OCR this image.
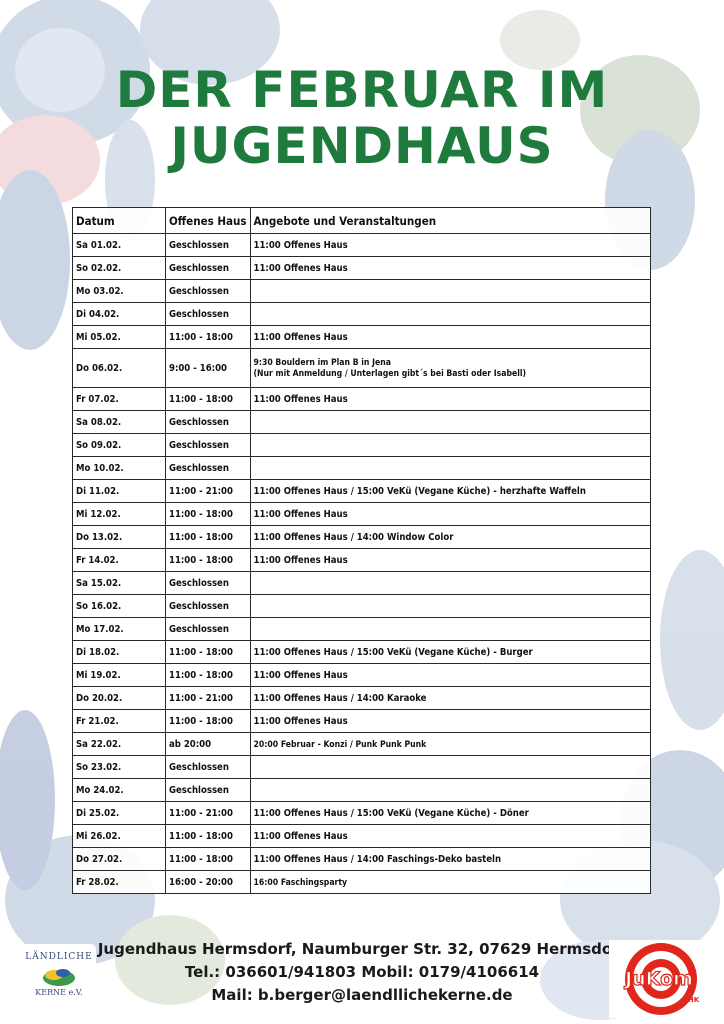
DER FEBRUAR IM
JUGENDHAUS
Datum	Offenes Haus	Angebote und Veranstaltungen
Sa 01.02.	Geschlossen	11:00 Offenes Haus
So 02.02.	Geschlossen	11:00 Offenes Haus
Mo 03.02.	Geschlossen	
Di 04.02.	Geschlossen	
Mi 05.02.	11:00 - 18:00	11:00 Offenes Haus
Do 06.02.	9:00 - 16:00	9:30 Bouldern im Plan B in Jena
(Nur mit Anmeldung / Unterlagen gibt´s bei Basti oder Isabell)
Fr 07.02.	11:00 - 18:00	11:00 Offenes Haus
Sa 08.02.	Geschlossen	
So 09.02.	Geschlossen	
Mo 10.02.	Geschlossen	
Di 11.02.	11:00 - 21:00	11:00 Offenes Haus / 15:00 VeKü (Vegane Küche) - herzhafte Waffeln
Mi 12.02.	11:00 - 18:00	11:00 Offenes Haus
Do 13.02.	11:00 - 18:00	11:00 Offenes Haus / 14:00 Window Color
Fr 14.02.	11:00 - 18:00	11:00 Offenes Haus
Sa 15.02.	Geschlossen	
So 16.02.	Geschlossen	
Mo 17.02.	Geschlossen	
Di 18.02.	11:00 - 18:00	11:00 Offenes Haus / 15:00 VeKü (Vegane Küche) - Burger
Mi 19.02.	11:00 - 18:00	11:00 Offenes Haus
Do 20.02.	11:00 - 21:00	11:00 Offenes Haus / 14:00 Karaoke
Fr 21.02.	11:00 - 18:00	11:00 Offenes Haus
Sa 22.02.	ab 20:00	20:00 Februar - Konzi / Punk Punk Punk
So 23.02.	Geschlossen	
Mo 24.02.	Geschlossen	
Di 25.02.	11:00 - 21:00	11:00 Offenes Haus / 15:00 VeKü (Vegane Küche) - Döner
Mi 26.02.	11:00 - 18:00	11:00 Offenes Haus
Do 27.02.	11:00 - 18:00	11:00 Offenes Haus / 14:00 Faschings-Deko basteln
Fr 28.02.	16:00 - 20:00	16:00 Faschingsparty
LÄNDLICHE
KERNE e.V.
Jugendhaus Hermsdorf, Naumburger Str. 32, 07629 Hermsdorf
Tel.: 036601/941803 Mobil: 0179/4106614
Mail: b.berger@laendllichekerne.de
JuKom
SHK
